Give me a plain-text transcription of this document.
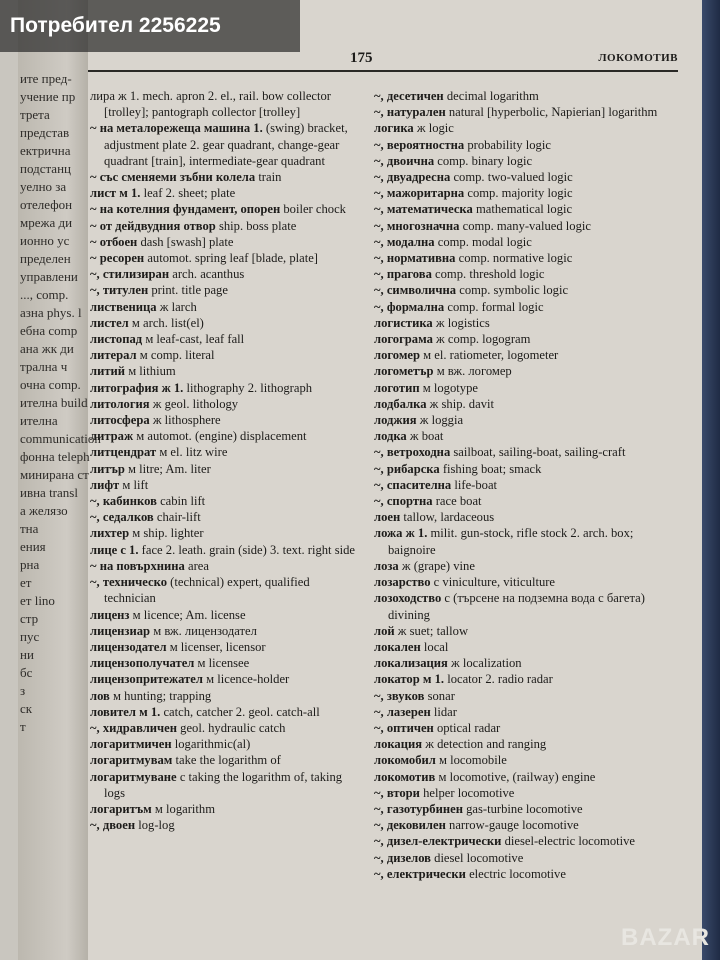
ите пред-
учение пр
трета
представ
ектрична
подстанц
уелно за
отелефон
мрежа ди
ионно ус
пределен
управлени
..., comp.
азна phys. l
ебна comp
ана жк ди
трална ч
очна comp.
ителна build
ителна
communication
фонна teleph
минирана ст
ивна transl
а желязо
тна
ения
рна
ет
ет linо
стр
пус
ни
бс
з
ск
т
175	ЛОКОМОТИВ

лира ж 1. mech. apron 2. el., rail. bow collector [trolley]; pantograph collector [trolley]

~ на металорежеща машина 1. (swing) bracket, adjustment plate 2. gear quadrant, change-gear quadrant [train], intermediate-gear quadrant

~ със сменяеми зъбни колела train

лист м 1. leaf 2. sheet; plate

~ на котелния фундамент, опорен boiler chock

~ от дейдвудния отвор ship. boss plate

~ отбоен dash [swash] plate

~ ресорен automot. spring leaf [blade, plate]

~, стилизиран arch. acanthus

~, титулен print. title page

лиственица ж larch

листел м arch. list(el)

листопад м leaf-cast, leaf fall

литерал м comp. literal

литий м lithium

литография ж 1. lithography 2. lithograph

литология ж geol. lithology

литосфера ж lithosphere

литраж м automot. (engine) displacement

литцендрат м el. litz wire

литър м litre; Am. liter

лифт м lift

~, кабинков cabin lift

~, седалков chair-lift

лихтер м ship. lighter

лице с 1. face 2. leath. grain (side) 3. text. right side

~ на повърхнина area

~, техническо (technical) expert, qualified technician

лиценз м licence; Am. license

лицензиар м вж. лицензодател

лицензодател м licenser, licensor

лицензополучател м licensee

лицензопритежател м licence-holder

лов м hunting; trapping

ловител м 1. catch, catcher 2. geol. catch-all

~, хидравличен geol. hydraulic catch

логаритмичен logarithmic(al)

логаритмувам take the logarithm of

логаритмуване с taking the logarithm of, taking logs

логаритъм м logarithm

~, двоен log-log

~, десетичен decimal logarithm

~, натурален natural [hyperbolic, Napierian] logarithm

логика ж logic

~, вероятностна probability logic

~, двоична comp. binary logic

~, двуадресна comp. two-valued logic

~, мажоритарна comp. majority logic

~, математическа mathematical logic

~, многозначна comp. many-valued logic

~, модална comp. modal logic

~, нормативна comp. normative logic

~, прагова comp. threshold logic

~, символична comp. symbolic logic

~, формална comp. formal logic

логистика ж logistics

логограма ж comp. logogram

логомер м el. ratiometer, logometer

логометър м вж. логомер

логотип м logotype

лодбалка ж ship. davit

лоджия ж loggia

лодка ж boat

~, ветроходна sailboat, sailing-boat, sailing-craft

~, рибарска fishing boat; smack

~, спасителна life-boat

~, спортна race boat

лоен tallow, lardaceous

ложа ж 1. milit. gun-stock, rifle stock 2. arch. box; baignoire

лоза ж (grape) vine

лозарство с viniculture, viticulture

лозоходство с (търсене на подземна вода с багета) divining

лой ж suet; tallow

локален local

локализация ж localization

локатор м 1. locator 2. radio radar

~, звуков sonar

~, лазерен lidar

~, оптичен optical radar

локация ж detection and ranging

локомобил м locomobile

локомотив м locomotive, (railway) engine

~, втори helper locomotive

~, газотурбинен gas-turbine locomotive

~, дековилен narrow-gauge locomotive

~, дизел-електрически diesel-electric locomotive

~, дизелов diesel locomotive

~, електрически electric locomotive

BAZAR
Потребител 2256225
